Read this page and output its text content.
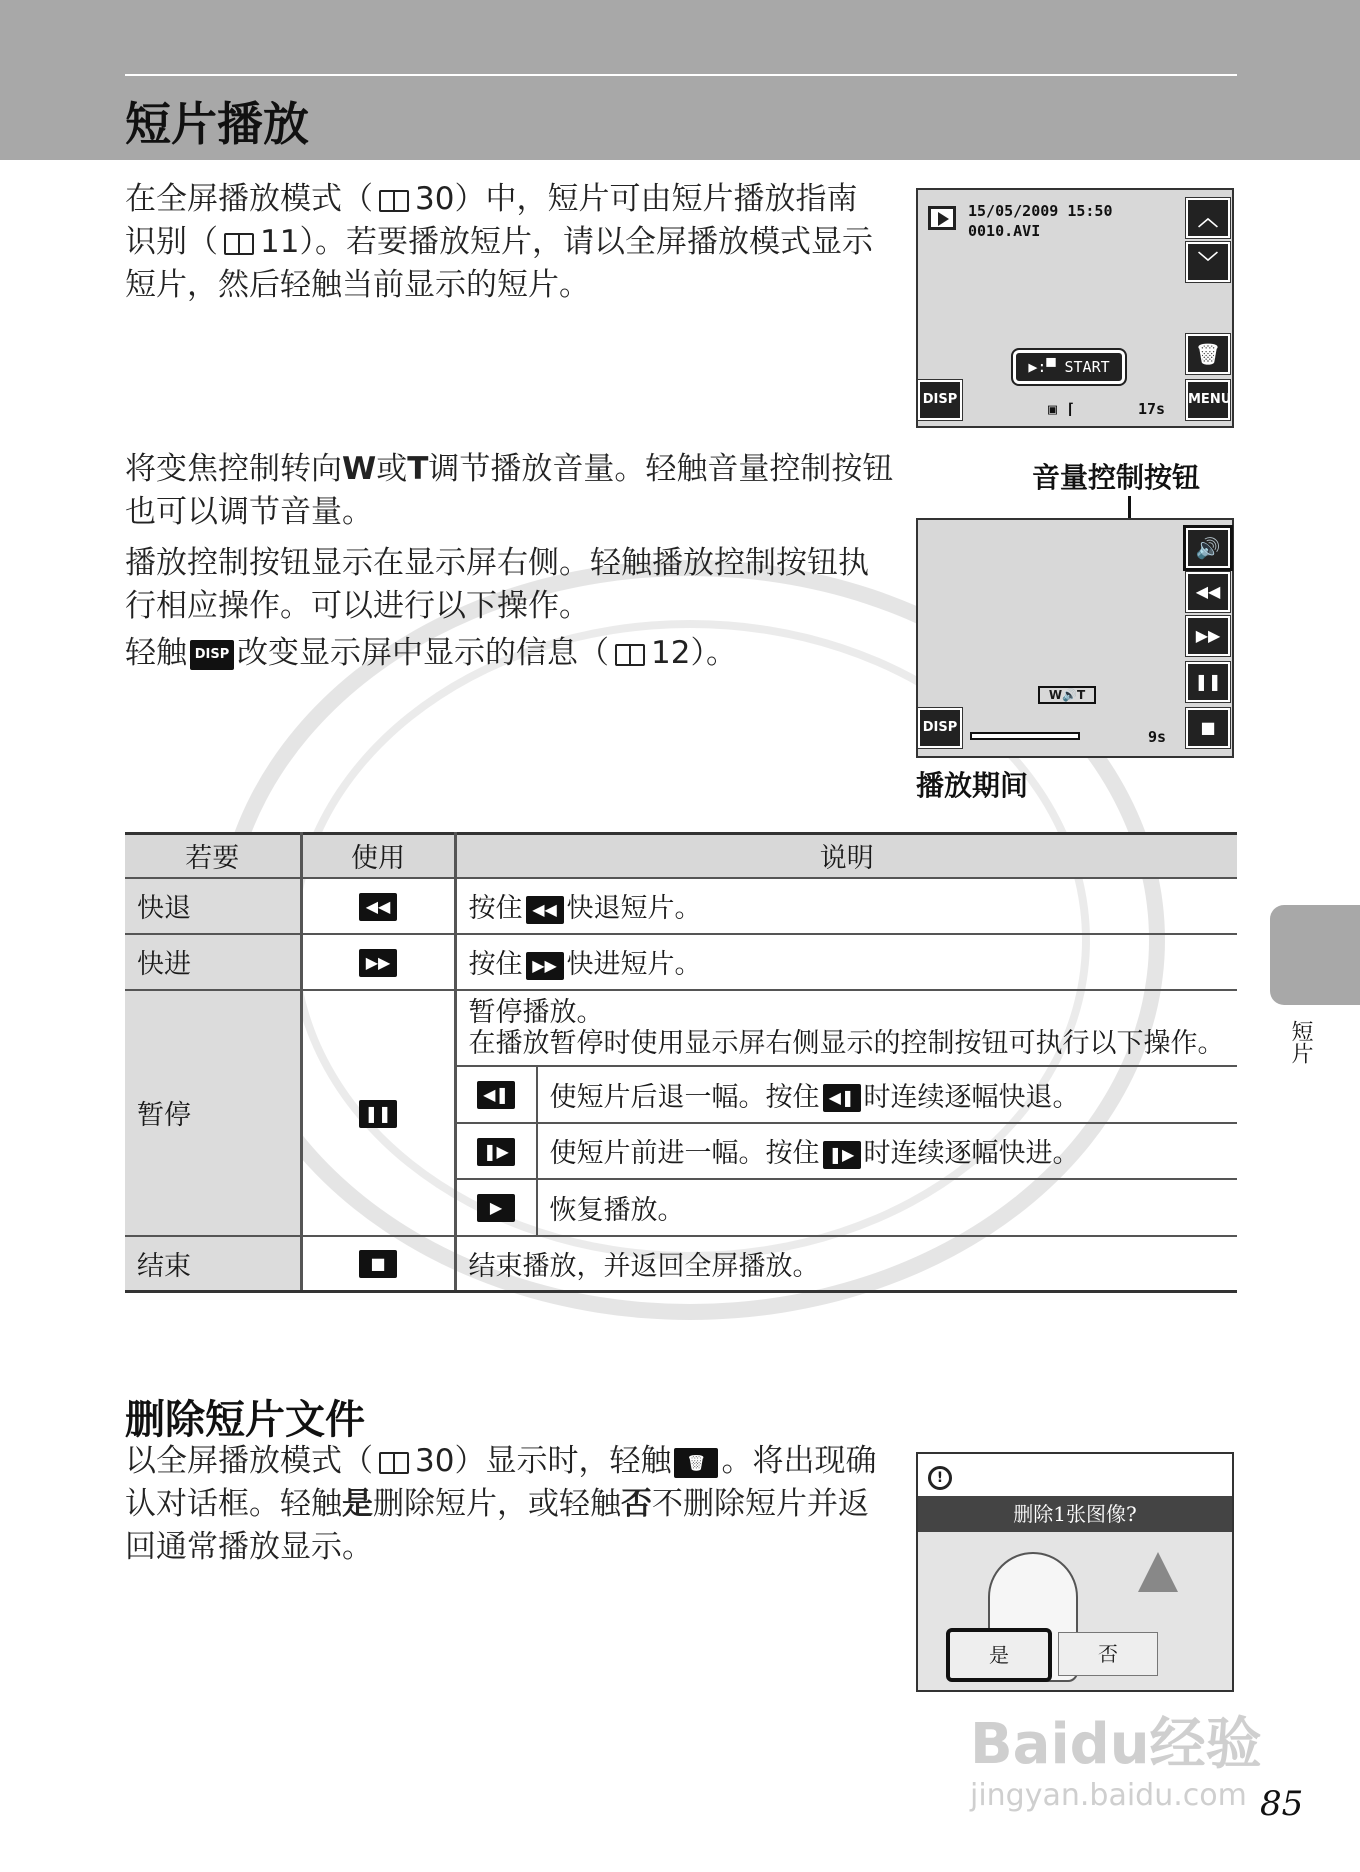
短片播放
在全屏播放模式（ 30）中，短片可由短片播放指南识别（ 11）。若要播放短片，请以全屏播放模式显示短片，然后轻触当前显示的短片。
15/05/2009 15:50
0010.AVI
︿
﹀
🗑
MENU
DISP
▶:▀ START
17s
▣ ⌈
将变焦控制转向W或T调节播放音量。轻触音量控制按钮也可以调节音量。
播放控制按钮显示在显示屏右侧。轻触播放控制按钮执行相应操作。可以进行以下操作。
轻触 DISP 改变显示屏中显示的信息（ 12）。
音量控制按钮
🔊
◀◀
▶▶
❚❚
■
DISP
W🔊T
9s
播放期间
若要	使用	说明
快退	◀◀	按住 ◀◀ 快退短片。
快进	▶▶	按住 ▶▶ 快进短片。
暂停	❚❚	
暂停播放。
在播放暂停时使用显示屏右侧显示的控制按钮可执行以下操作。
◀❚	使短片后退一幅。按住 ◀❚ 时连续逐幅快退。
❚▶	使短片前进一幅。按住 ❚▶ 时连续逐幅快进。
▶	恢复播放。

结束	■	结束播放，并返回全屏播放。
删除短片文件
以全屏播放模式（ 30）显示时，轻触 🗑 。将出现确认对话框。轻触是删除短片，或轻触否不删除短片并返回通常播放显示。
!
删除1张图像?
是	否
短片
Baidu经验
jingyan.baidu.com 85
